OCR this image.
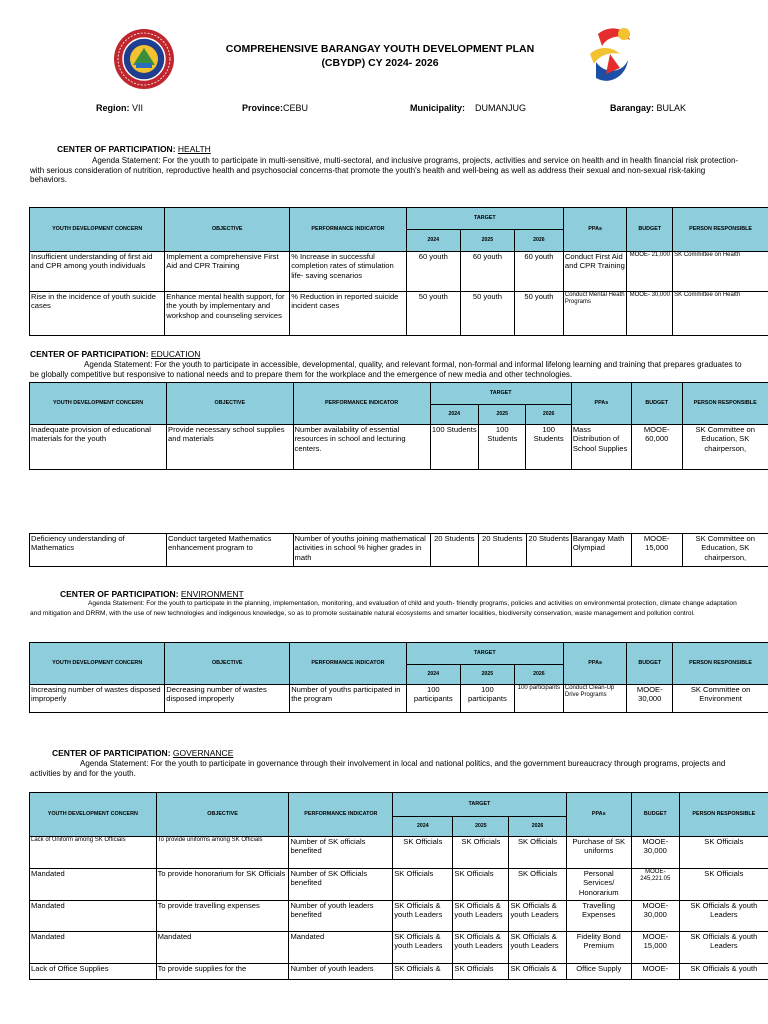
COMPREHENSIVE BARANGAY YOUTH DEVELOPMENT PLAN
(CBYDP) CY 2024- 2026
Region: VII	Province:CEBU	Municipality: DUMANJUG	Barangay: BULAK
CENTER OF PARTICIPATION: HEALTH
Agenda Statement: For the youth to participate in multi-sensitive, multi-sectoral, and inclusive programs, projects, activities and service on health and in health financial risk protection-with serious consideration of nutrition, reproductive health and psychosocial concerns-that promote the youth's health and well-being as well as address their sexual and non-sexual risk-taking behaviors.
YOUTH DEVELOPMENT CONCERN	OBJECTIVE	PERFORMANCE INDICATOR	TARGET			PPAs	BUDGET	PERSON RESPONSIBLE
			2024	2025	2026			
Insufficient understanding of first aid and CPR among youth individuals	Implement a comprehensive First Aid and CPR Training	% Increase in successful completion rates of stimulation life- saving scenarios	60 youth	60 youth	60 youth	Conduct First Aid and CPR Training	MOOE- 21,000	SK Committee on Health
Rise in the incidence of youth suicide cases	Enhance mental health support, for the youth by implementary and workshop and counseling services	% Reduction in reported suicide incident cases	50 youth	50 youth	50 youth	Conduct Mental Heath Programs	MOOE- 30,000	SK Committee on Health
CENTER OF PARTICIPATION: EDUCATION
Agenda Statement: For the youth to participate in accessible, developmental, quality, and relevant formal, non-formal and informal lifelong learning and training that prepares graduates to be globally competitive but responsive to national needs and to prepare them for the workplace and the emergence of new media and other technologies.
YOUTH DEVELOPMENT CONCERN	OBJECTIVE	PERFORMANCE INDICATOR	TARGET			PPAs	BUDGET	PERSON RESPONSIBLE
			2024	2025	2026			
Inadequate provision of educational materials for the youth	Provide necessary school supplies and materials	Number availability of essential resources in school and lecturing centers.	100 Students	100 Students	100 Students	Mass Distribution of School Supplies	MOOE- 60,000	SK Committee on Education, SK chairperson,
Deficiency understanding of Mathematics	Conduct targeted Mathematics enhancement program to	Number of youths joining mathematical activities in school % higher grades in math	20 Students	20 Students	20 Students	Barangay Math Olympiad	MOOE- 15,000	SK Committee on Education, SK chairperson,
CENTER OF PARTICIPATION: ENVIRONMENT
Agenda Statement: For the youth to participate in the planning, implementation, monitoring, and evaluation of child and youth- friendly programs, policies and activities on environmental protection, climate change adaptation and mitigation and DRRM, with the use of new technologies and indigenous knowledge, so as to promote sustainable natural ecosystems and smarter localities, biodiversity conservation, waste management and pollution control.
YOUTH DEVELOPMENT CONCERN	OBJECTIVE	PERFORMANCE INDICATOR	TARGET			PPAs	BUDGET	PERSON RESPONSIBLE
			2024	2025	2026			
Increasing number of wastes disposed improperly	Decreasing number of wastes disposed improperly	Number of youths participated in the program	100 participants	100 participants	100 participants	Conduct Clean-Up Drive Programs	MOOE- 30,000	SK Committee on Environment
CENTER OF PARTICIPATION: GOVERNANCE
Agenda Statement: For the youth to participate in governance through their involvement in local and national politics, and the government bureaucracy through programs, projects and activities by and for the youth.
YOUTH DEVELOPMENT CONCERN	OBJECTIVE	PERFORMANCE INDICATOR	TARGET			PPAs	BUDGET	PERSON RESPONSIBLE
			2024	2025	2026			
Lack of Uniform among SK Officials	To provide uniforms among SK Officials	Number of SK officials benefited	SK Officials	SK Officials	SK Officials	Purchase of SK uniforms	MOOE- 30,000	SK Officials
Mandated	To provide honorarium for SK Officials	Number of SK Officials benefited	SK Officials	SK Officials	SK Officials	Personal Services/ Honorarium	MOOE- 245,221.05	SK Officials
Mandated	To provide travelling expenses	Number of youth leaders benefited	SK Officials & youth Leaders	SK Officials & youth Leaders	SK Officials & youth Leaders	Travelling Expenses	MOOE- 30,000	SK Officials & youth Leaders
Mandated	Mandated	Mandated	SK Officials & youth Leaders	SK Officials & youth Leaders	SK Officials & youth Leaders	Fidelity Bond Premium	MOOE- 15,000	SK Officials & youth Leaders
Lack of Office Supplies	To provide supplies for the	Number of youth leaders	SK Officials &	SK Officials	SK Officials &	Office Supply	MOOE-	SK Officials & youth
